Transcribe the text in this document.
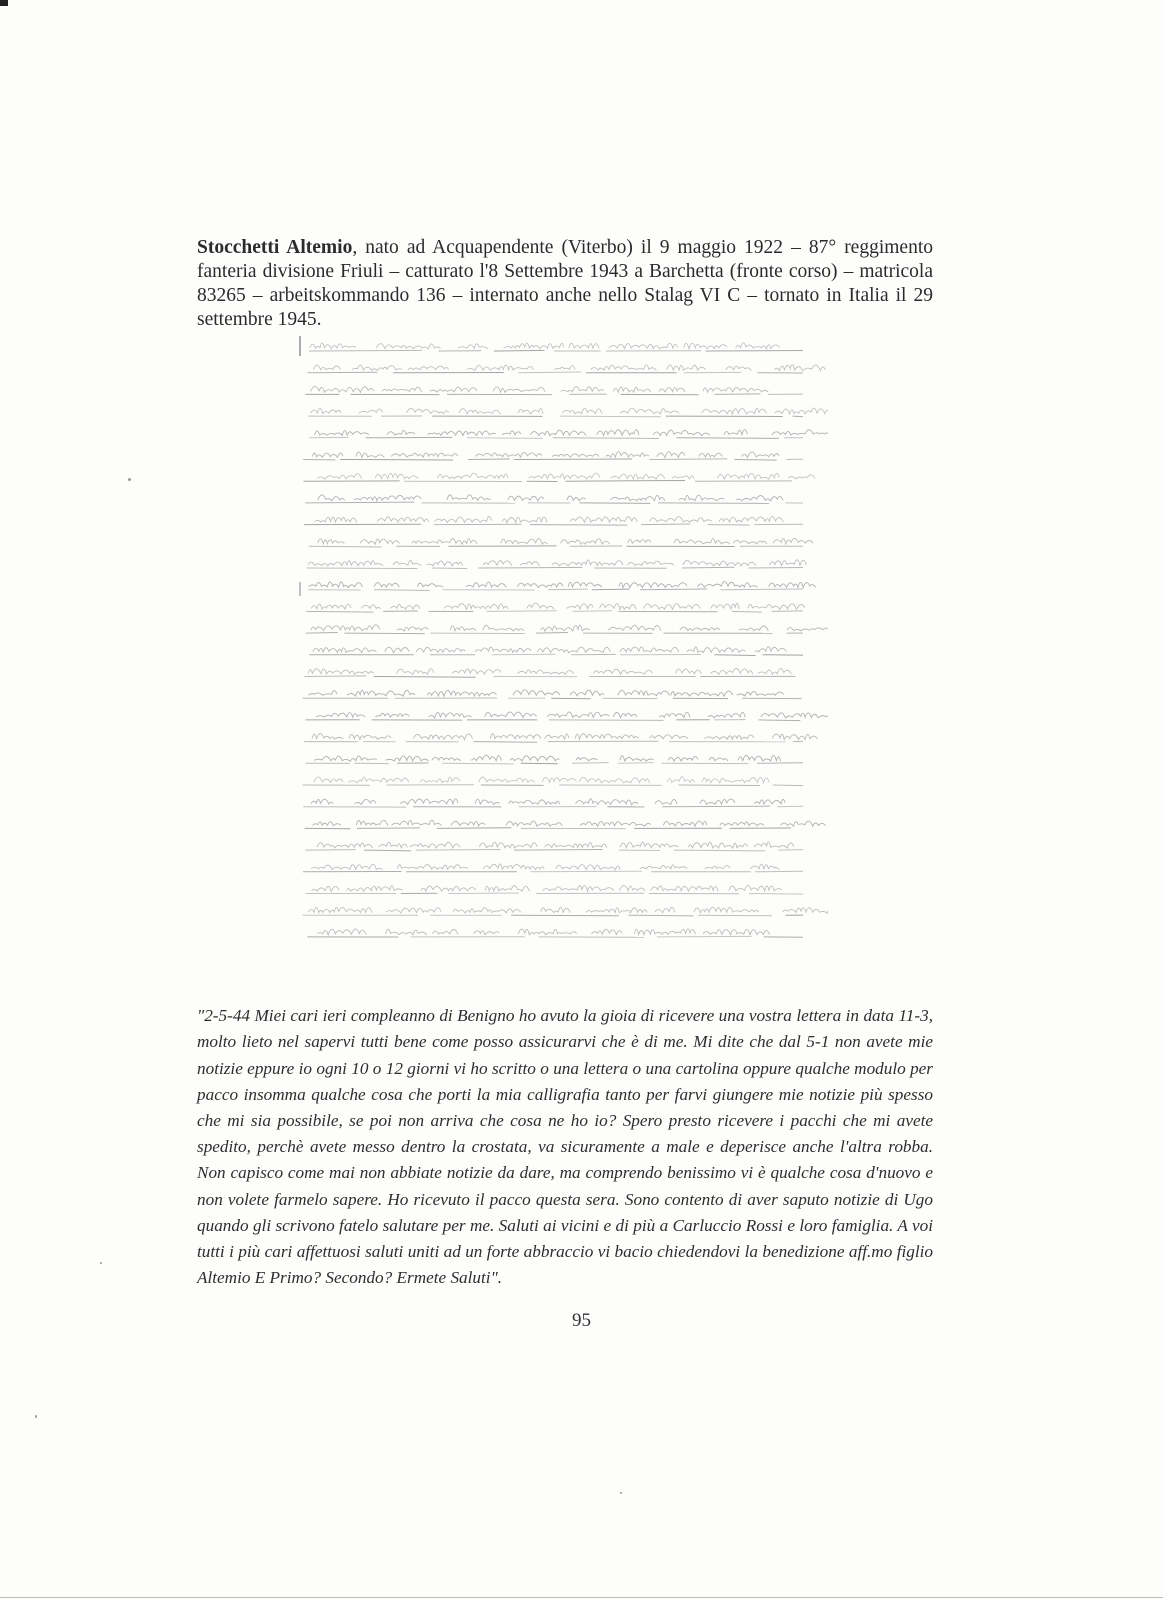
Stocchetti Altemio, nato ad Acquapendente (Viterbo) il 9 maggio 1922 – 87° reggimento fanteria divisione Friuli – catturato l'8 Settembre 1943 a Barchetta (fronte corso) – matricola 83265 – arbeitskommando 136 – internato anche nello Stalag VI C – tornato in Italia il 29 settembre 1945.

"2-5-44 Miei cari ieri compleanno di Benigno ho avuto la gioia di ricevere una vostra lettera in data 11-3, molto lieto nel sapervi tutti bene come posso assicurarvi che è di me. Mi dite che dal 5-1 non avete mie notizie eppure io ogni 10 o 12 giorni vi ho scritto o una lettera o una cartolina oppure qualche modulo per pacco insomma qualche cosa che porti la mia calligrafia tanto per farvi giungere mie notizie più spesso che mi sia possibile, se poi non arriva che cosa ne ho io? Spero presto ricevere i pacchi che mi avete spedito, perchè avete messo dentro la crostata, va sicuramente a male e deperisce anche l'altra robba. Non capisco come mai non abbiate notizie da dare, ma comprendo benissimo vi è qualche cosa d'nuovo e non volete farmelo sapere. Ho ricevuto il pacco questa sera. Sono contento di aver saputo notizie di Ugo quando gli scrivono fatelo salutare per me. Saluti ai vicini e di più a Carluccio Rossi e loro famiglia. A voi tutti i più cari affettuosi saluti uniti ad un forte abbraccio vi bacio chiedendovi la benedizione aff.mo figlio Altemio E Primo? Secondo? Ermete Saluti".

95
